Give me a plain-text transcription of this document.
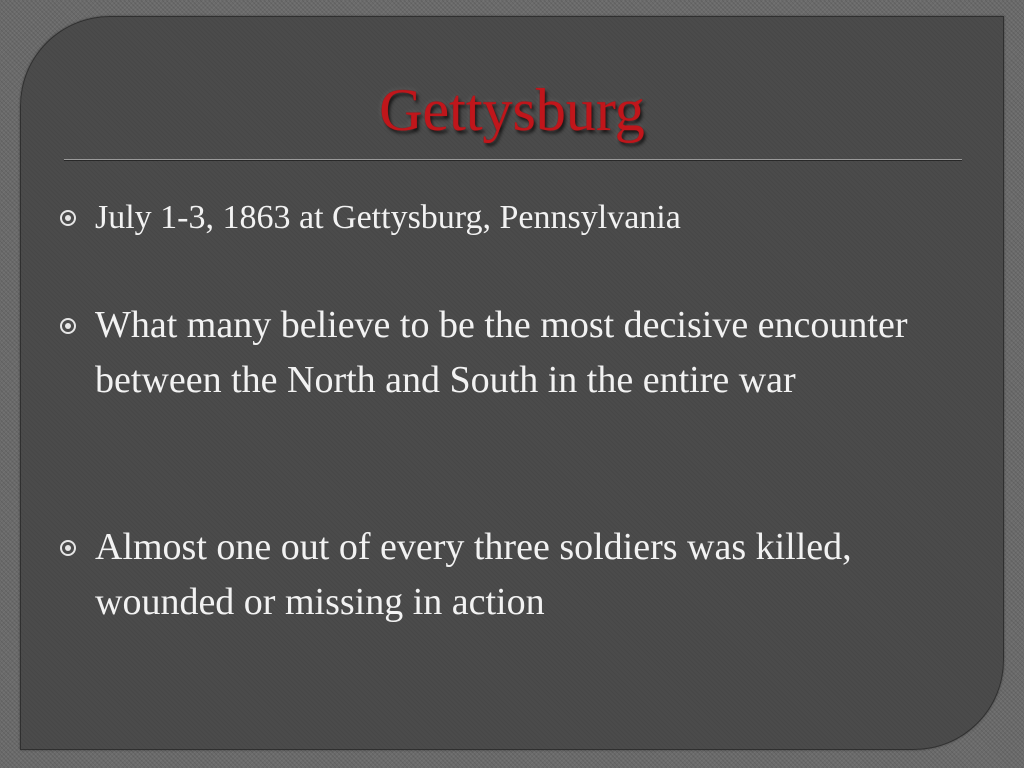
Gettysburg
July 1-3, 1863 at Gettysburg, Pennsylvania
What many believe to be the most decisive encounter between the North and South in the entire war
Almost one out of every three soldiers was killed, wounded or missing in action
